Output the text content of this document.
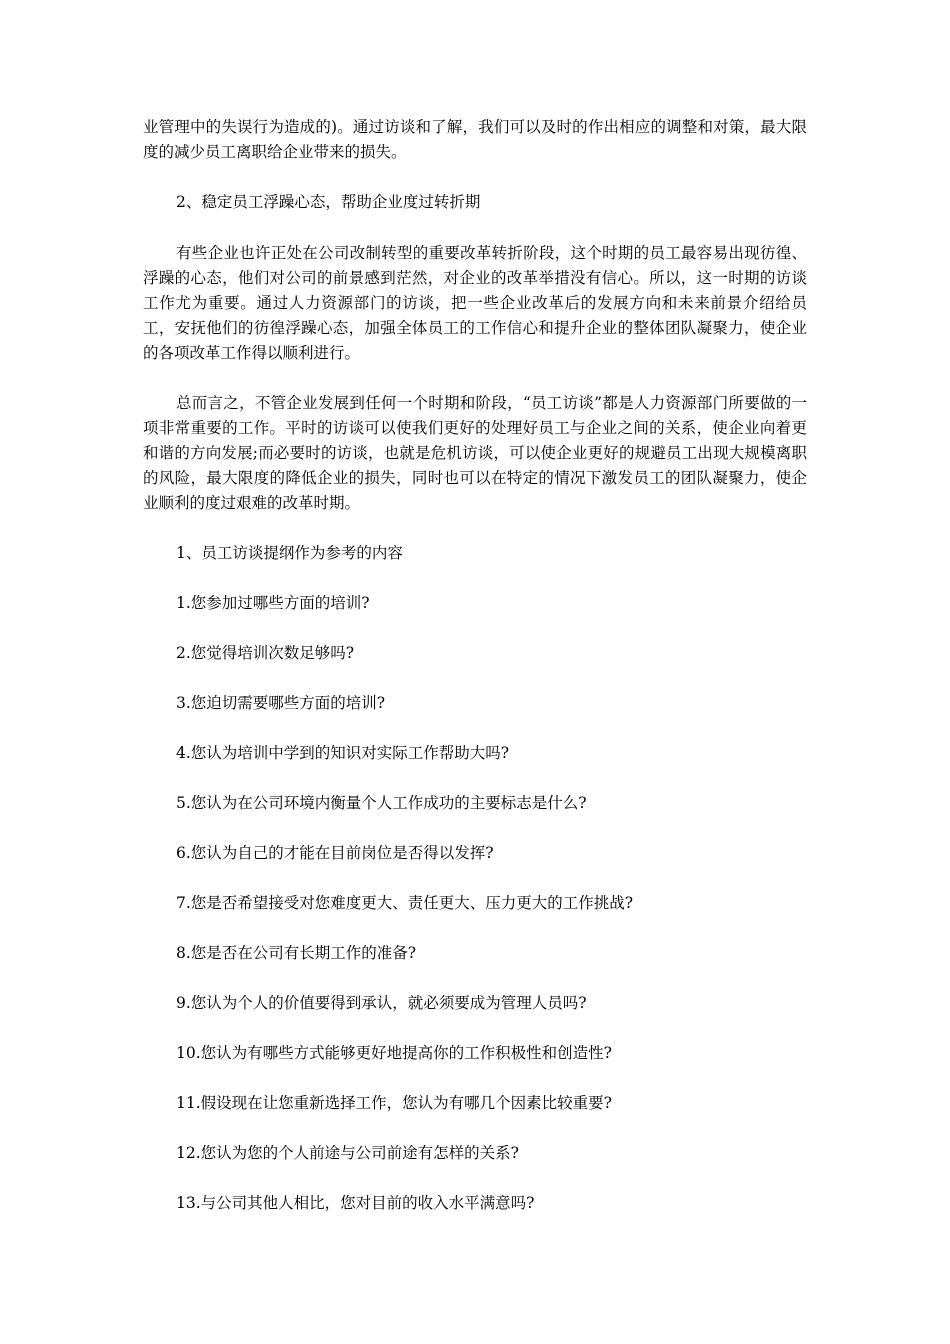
业管理中的失误行为造成的)。通过访谈和了解，我们可以及时的作出相应的调整和对策，最大限度的减少员工离职给企业带来的损失。

2、稳定员工浮躁心态，帮助企业度过转折期

有些企业也许正处在公司改制转型的重要改革转折阶段，这个时期的员工最容易出现彷徨、浮躁的心态，他们对公司的前景感到茫然，对企业的改革举措没有信心。所以，这一时期的访谈工作尤为重要。通过人力资源部门的访谈，把一些企业改革后的发展方向和未来前景介绍给员工，安抚他们的彷徨浮躁心态，加强全体员工的工作信心和提升企业的整体团队凝聚力，使企业的各项改革工作得以顺利进行。

总而言之，不管企业发展到任何一个时期和阶段，“员工访谈”都是人力资源部门所要做的一项非常重要的工作。平时的访谈可以使我们更好的处理好员工与企业之间的关系，使企业向着更和谐的方向发展;而必要时的访谈，也就是危机访谈，可以使企业更好的规避员工出现大规模离职的风险，最大限度的降低企业的损失，同时也可以在特定的情况下激发员工的团队凝聚力，使企业顺利的度过艰难的改革时期。

1、员工访谈提纲作为参考的内容

1.您参加过哪些方面的培训?

2.您觉得培训次数足够吗?

3.您迫切需要哪些方面的培训?

4.您认为培训中学到的知识对实际工作帮助大吗?

5.您认为在公司环境内衡量个人工作成功的主要标志是什么?

6.您认为自己的才能在目前岗位是否得以发挥?

7.您是否希望接受对您难度更大、责任更大、压力更大的工作挑战?

8.您是否在公司有长期工作的准备?

9.您认为个人的价值要得到承认，就必须要成为管理人员吗?

10.您认为有哪些方式能够更好地提高你的工作积极性和创造性?

11.假设现在让您重新选择工作，您认为有哪几个因素比较重要?

12.您认为您的个人前途与公司前途有怎样的关系?

13.与公司其他人相比，您对目前的收入水平满意吗?
